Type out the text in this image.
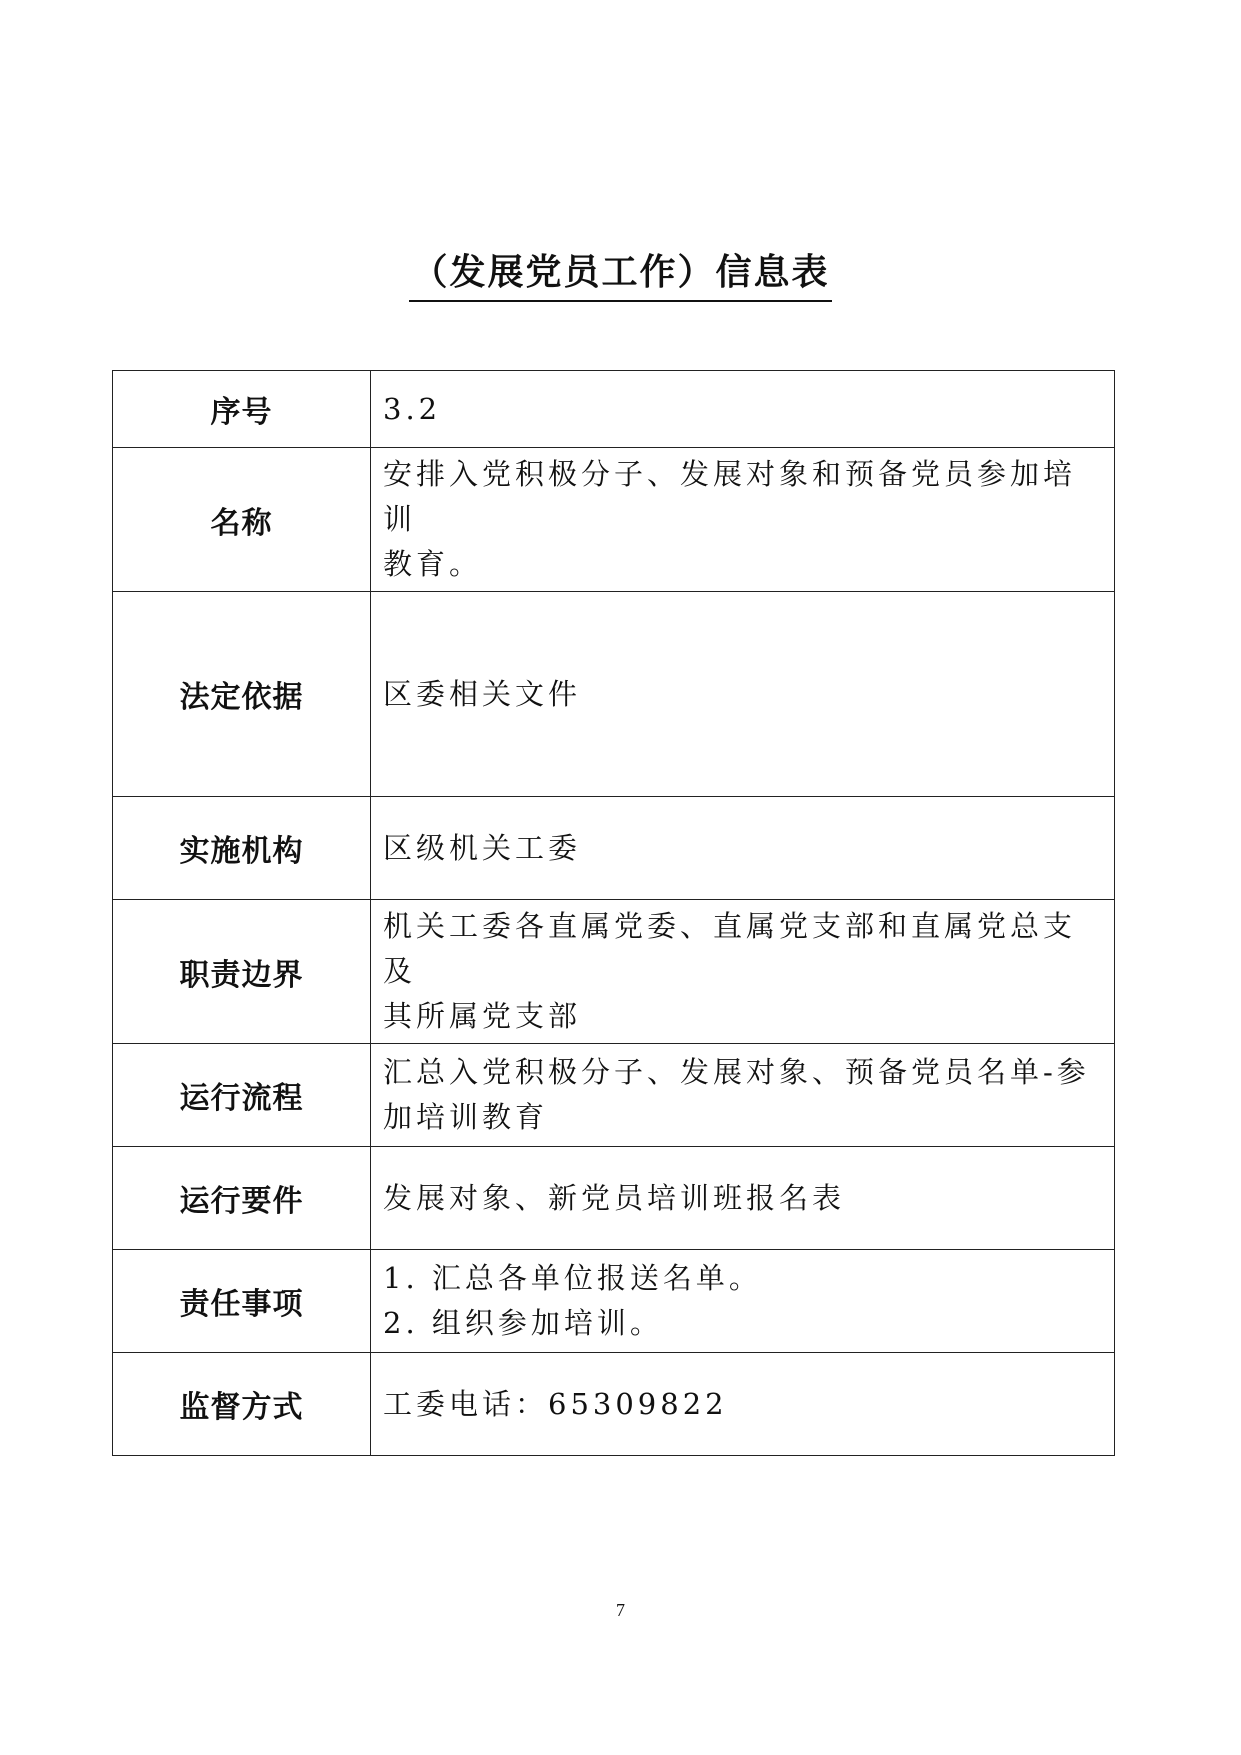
（发展党员工作）信息表
序号	3.2

名称	安排入党积极分子、发展对象和预备党员参加培训
教育。

法定依据	区委相关文件

实施机构	区级机关工委

职责边界	机关工委各直属党委、直属党支部和直属党总支及
其所属党支部

运行流程	汇总入党积极分子、发展对象、预备党员名单-参
加培训教育

运行要件	发展对象、新党员培训班报名表

责任事项	1. 汇总各单位报送名单。
2. 组织参加培训。

监督方式	工委电话：65309822
7
